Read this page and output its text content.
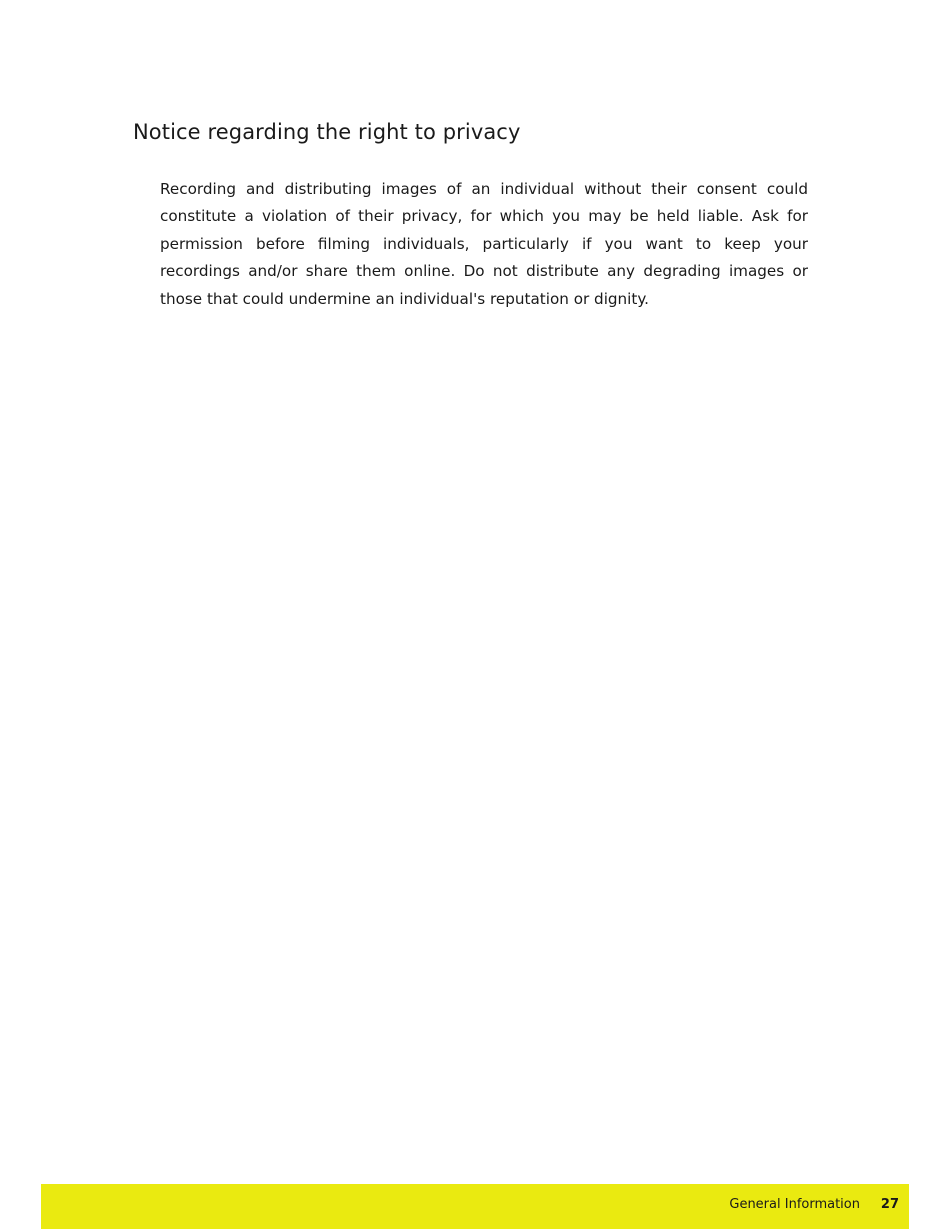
Notice regarding the right to privacy

Recording and distributing images of an individual without their consent could constitute a violation of their privacy, for which you may be held liable. Ask for permission before filming individuals, particularly if you want to keep your recordings and/or share them online. Do not distribute any degrading images or those that could undermine an individual's reputation or dignity.

General Information 27
